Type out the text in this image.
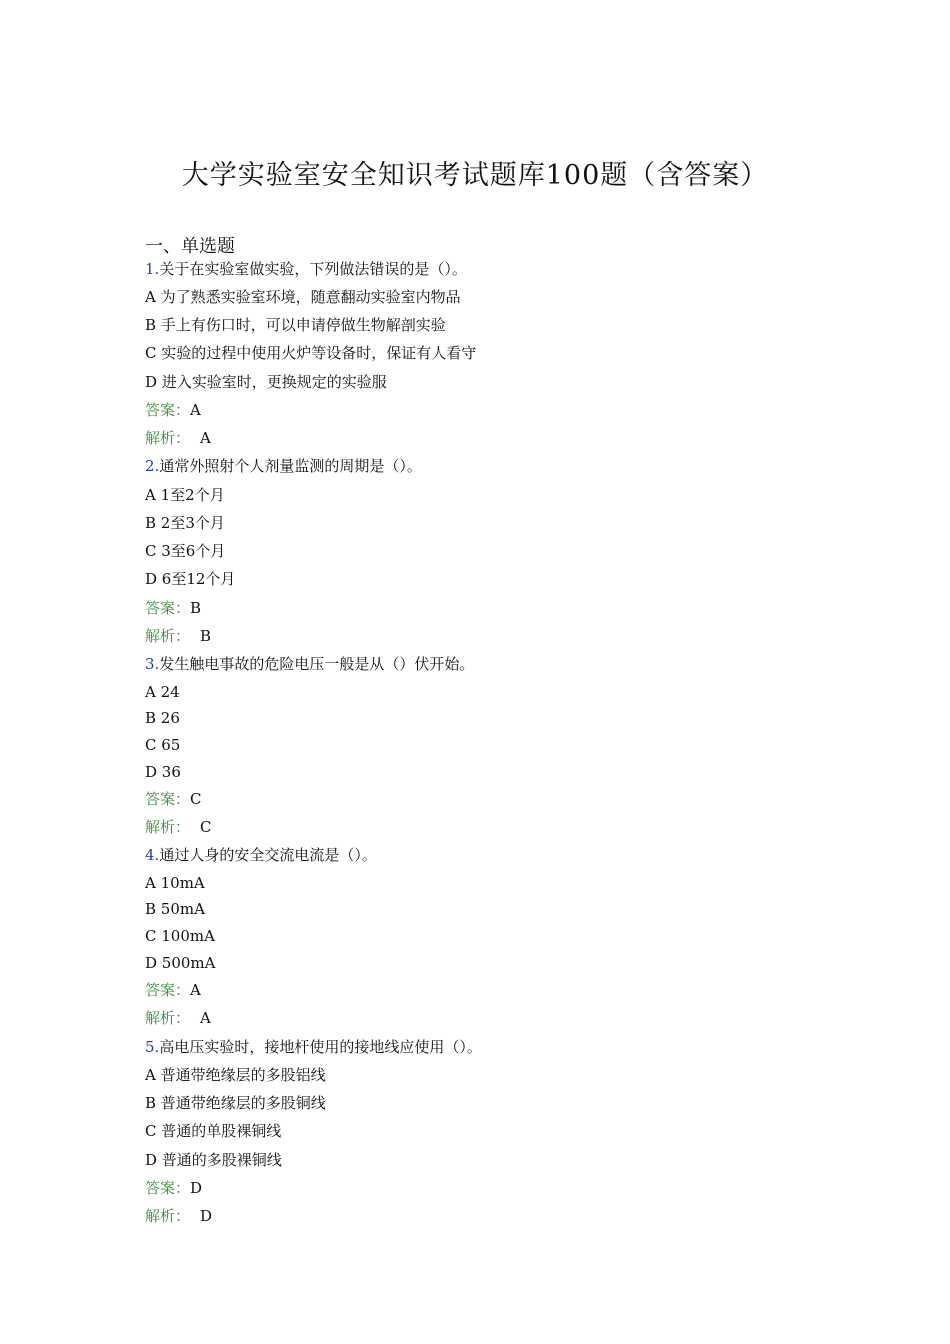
大学实验室安全知识考试题库100题（含答案）
一、单选题
1.关于在实验室做实验，下列做法错误的是（）。
A 为了熟悉实验室环境，随意翻动实验室内物品
B 手上有伤口时，可以申请停做生物解剖实验
C 实验的过程中使用火炉等设备时，保证有人看守
D 进入实验室时，更换规定的实验服
答案：A
解析： A
2.通常外照射个人剂量监测的周期是（）。
A 1至2个月
B 2至3个月
C 3至6个月
D 6至12个月
答案：B
解析： B
3.发生触电事故的危险电压一般是从（）伏开始。
A 24
B 26
C 65
D 36
答案：C
解析： C
4.通过人身的安全交流电流是（）。
A 10mA
B 50mA
C 100mA
D 500mA
答案：A
解析： A
5.高电压实验时，接地杆使用的接地线应使用（）。
A 普通带绝缘层的多股铝线
B 普通带绝缘层的多股铜线
C 普通的单股裸铜线
D 普通的多股裸铜线
答案：D
解析： D
